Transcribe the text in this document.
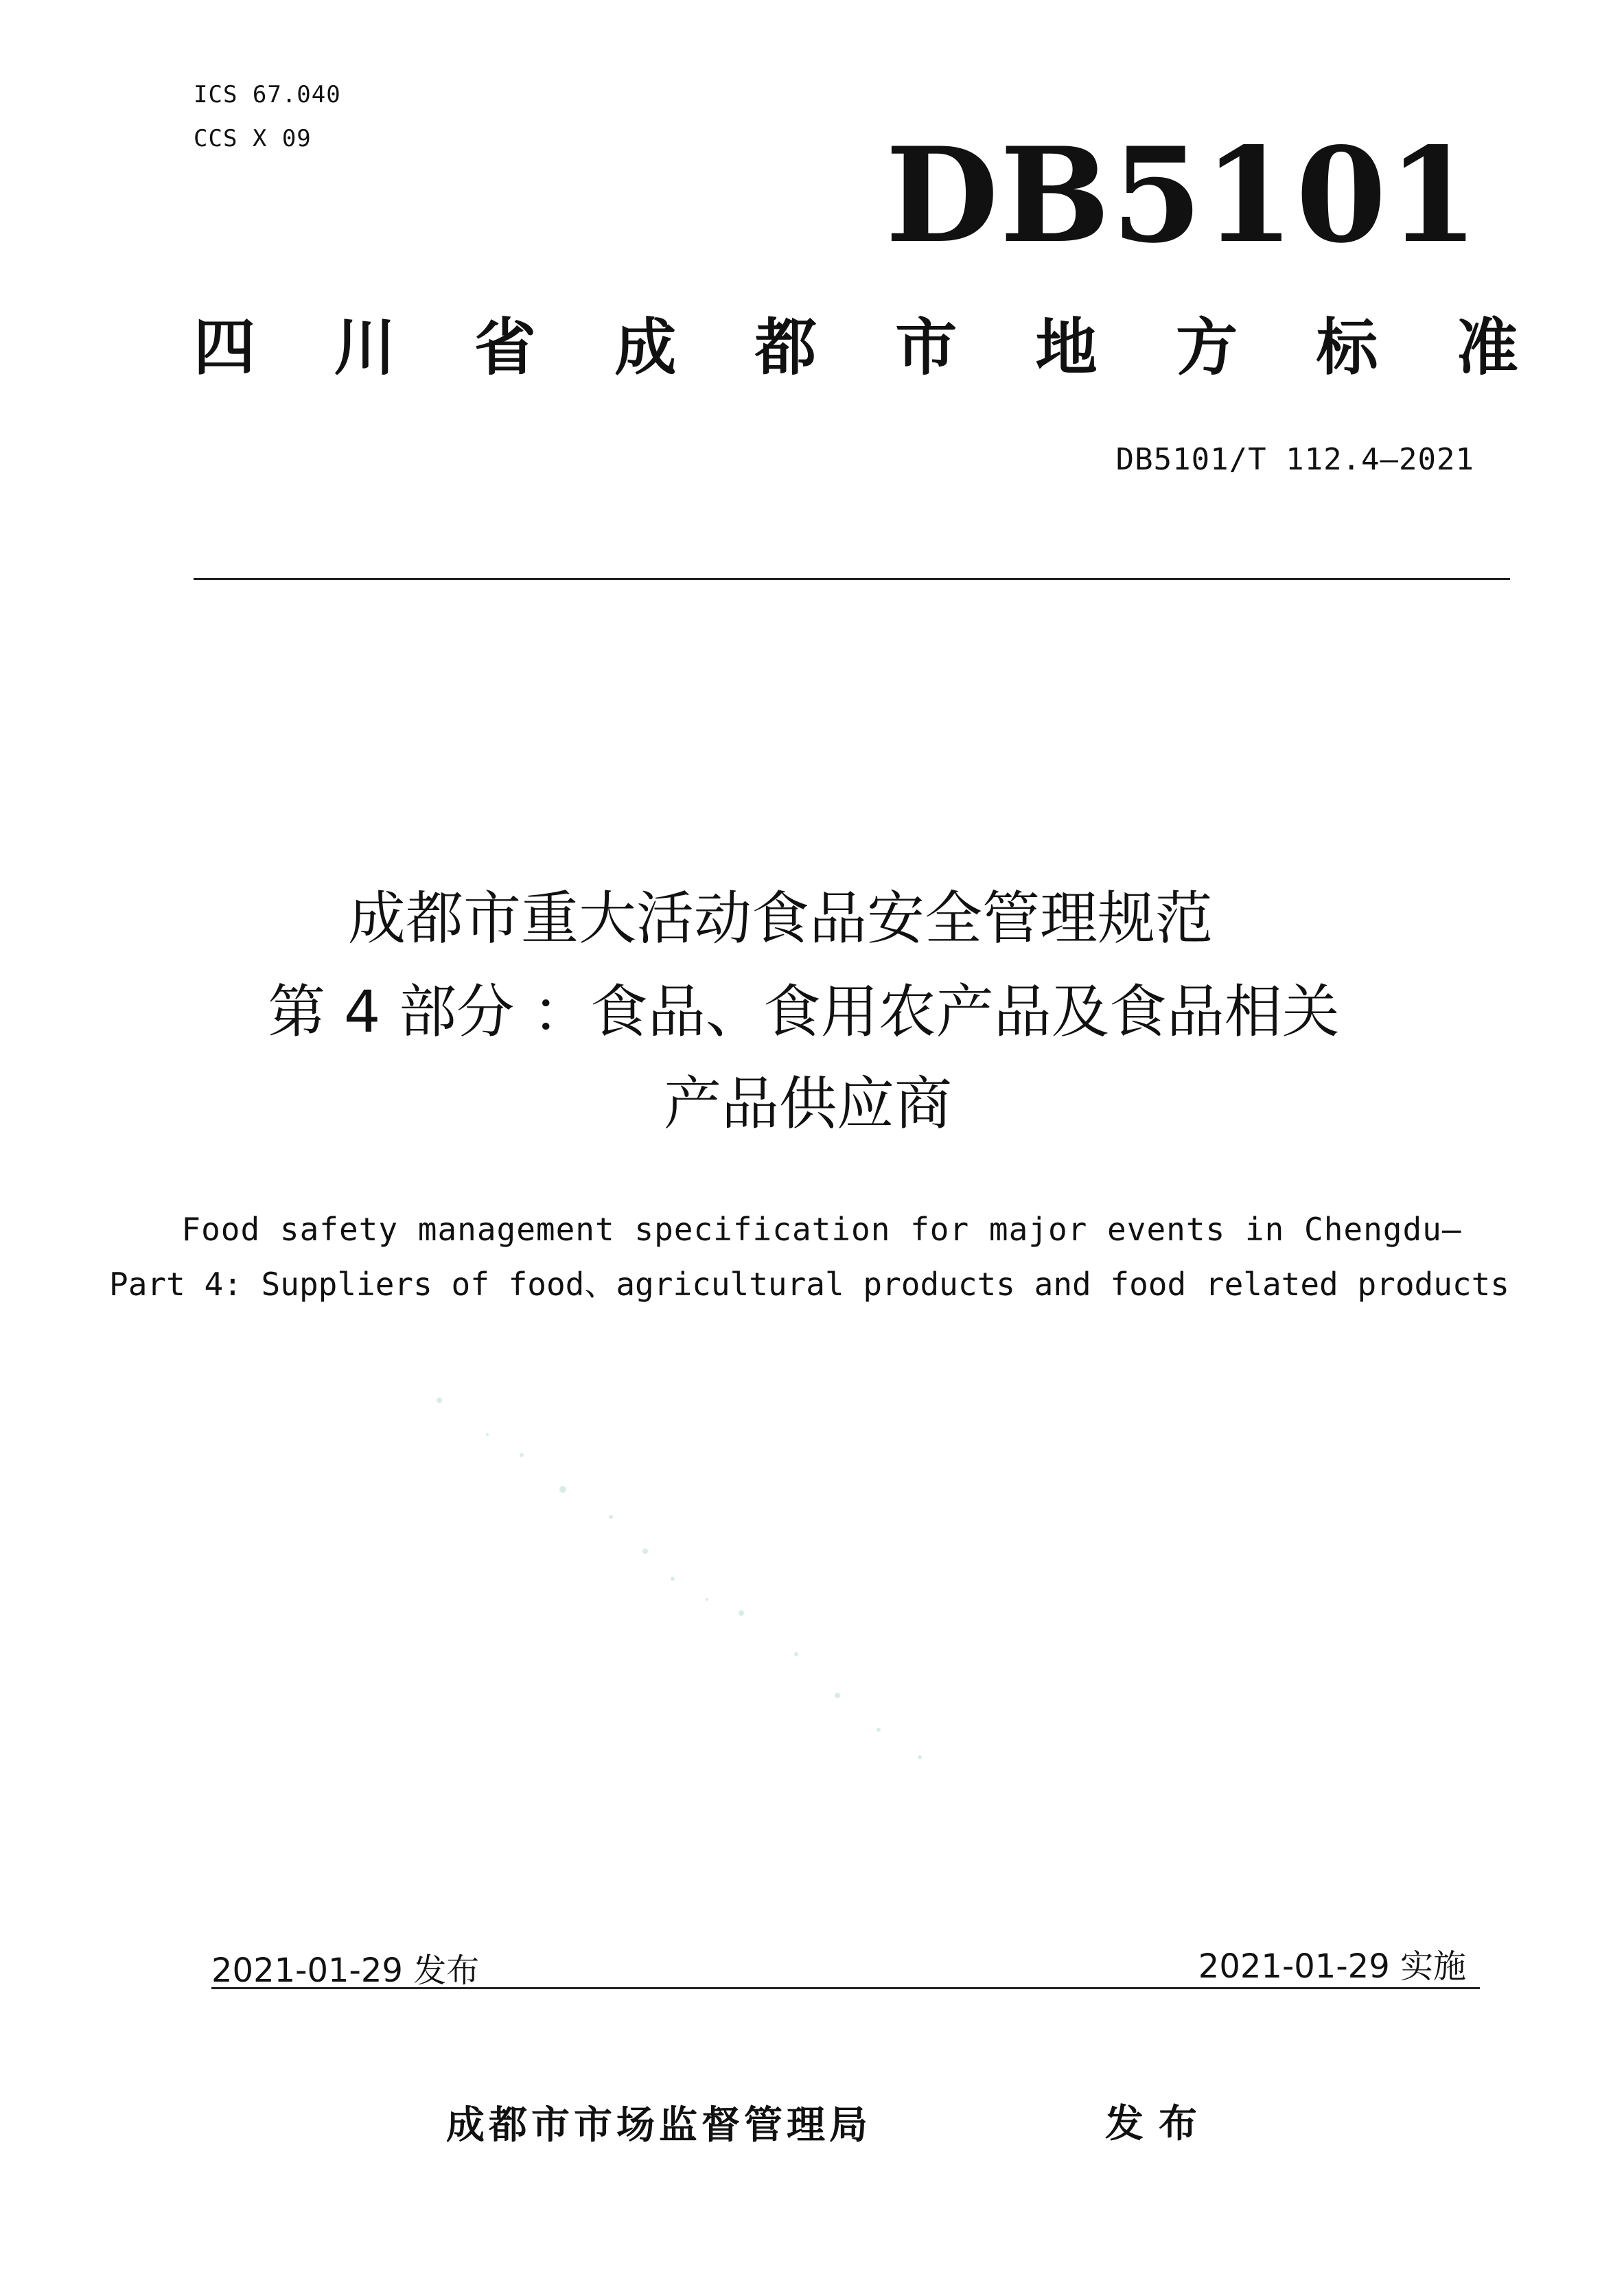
ICS 67.040
CCS X 09	DB5101
四 川 省 成 都 市 地 方 标 准
DB5101/T 112.4—2021
成都市重大活动食品安全管理规范
第 4 部分 ：食品、食用农产品及食品相关
产品供应商
Food safety management specification for major events in Chengdu—
Part 4: Suppliers of food、agricultural products and food related products
2021-01-29 发布	2021-01-29 实施
成都市市场监督管理局	发布
